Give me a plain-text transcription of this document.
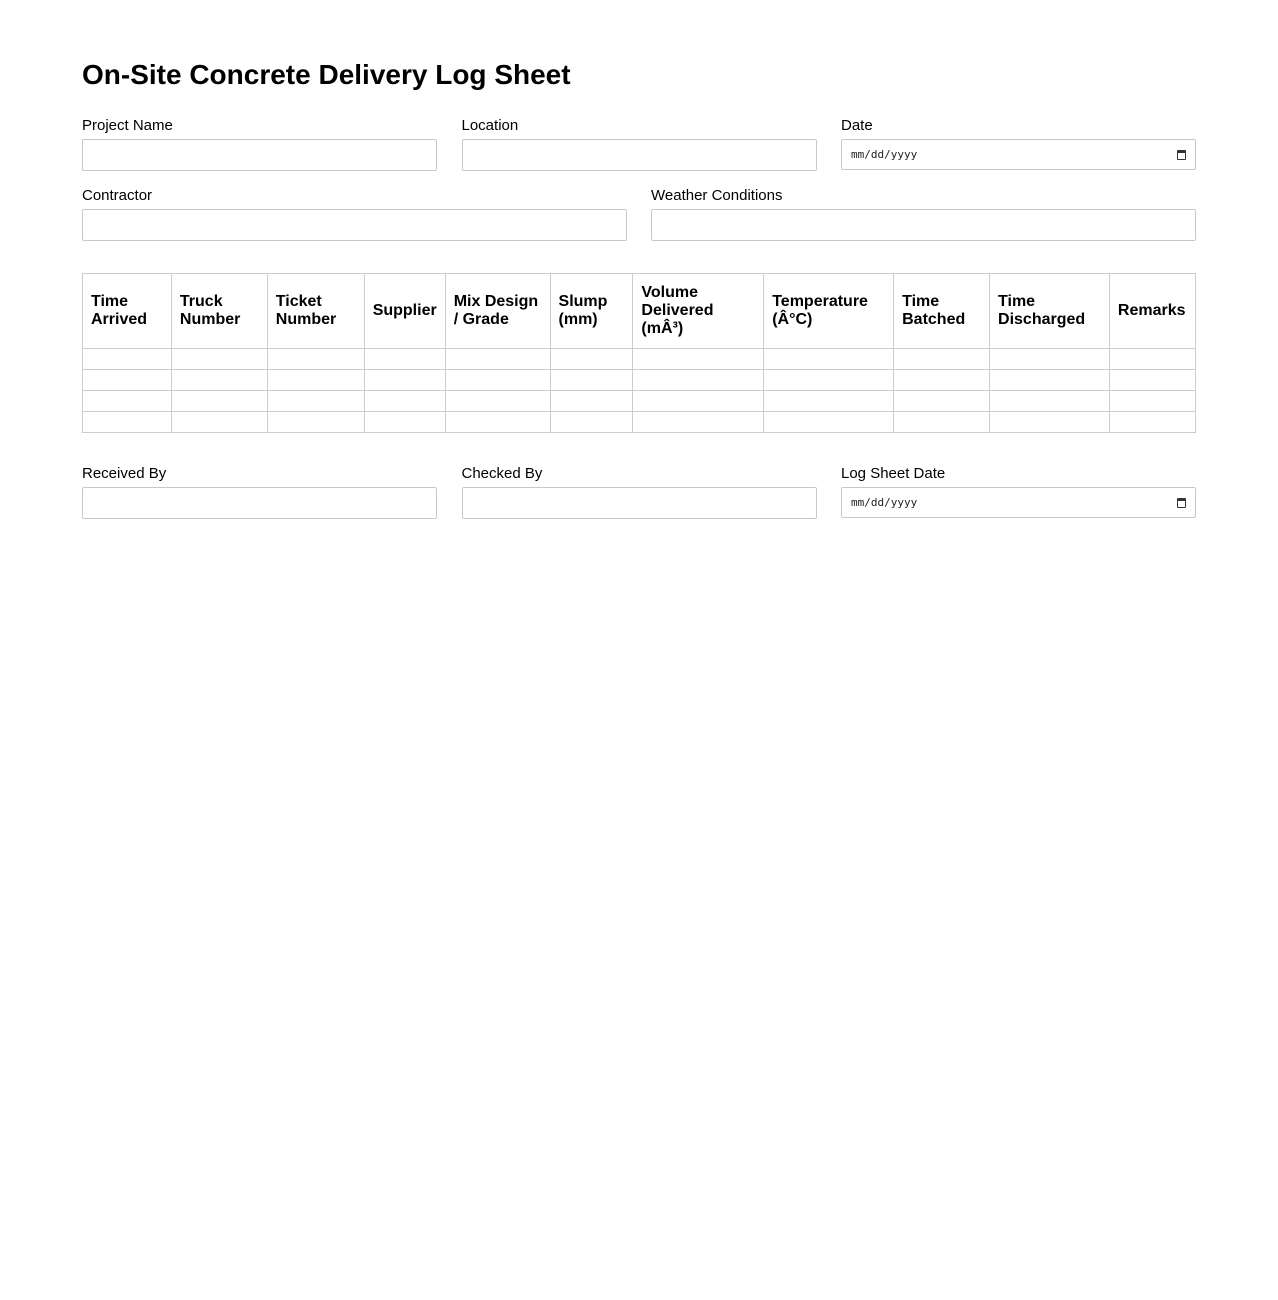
On-Site Concrete Delivery Log Sheet
Project Name	Location	Date
mm/dd/yyyy
Contractor	Weather Conditions
Time Arrived	Truck Number	Ticket Number	Supplier	Mix Design / Grade	Slump (mm)	Volume Delivered (mÂ³)	Temperature (Â°C)	Time Batched	Time Discharged	Remarks

Received By	Checked By	Log Sheet Date
mm/dd/yyyy
